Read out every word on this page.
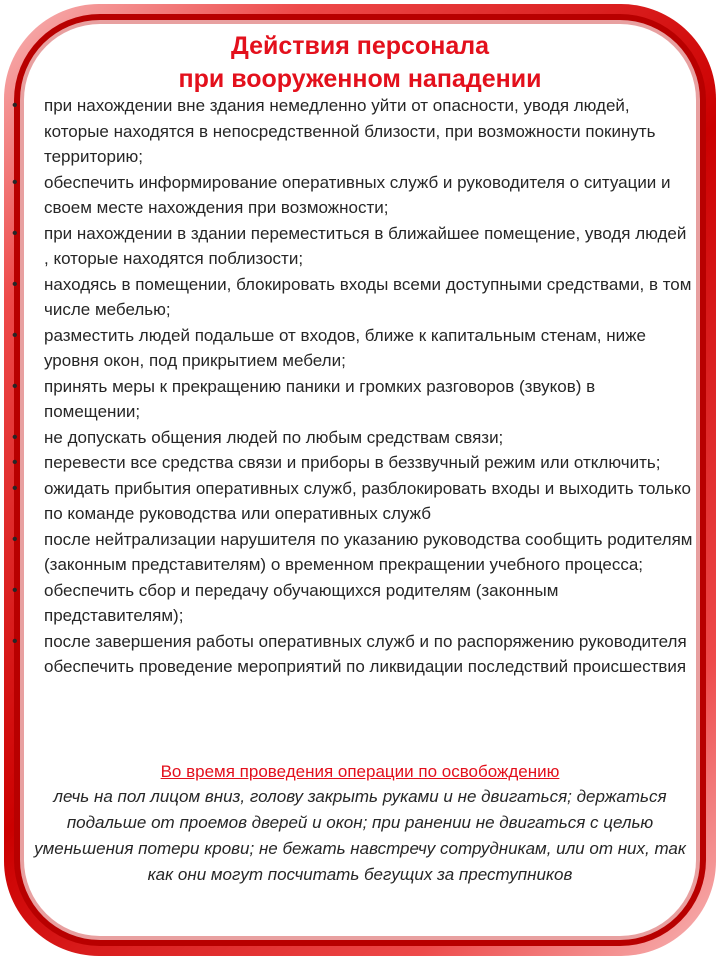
Действия персонала
при вооруженном нападении
• при нахождении вне здания немедленно уйти от опасности, уводя людей, которые находятся в непосредственной близости, при возможности покинуть территорию;
• обеспечить информирование оперативных служб и руководителя о ситуации и своем месте нахождения при возможности;
• при нахождении в здании переместиться в ближайшее помещение, уводя людей , которые находятся поблизости;
• находясь в помещении, блокировать входы всеми доступными средствами, в том числе мебелью;
• разместить людей подальше от входов, ближе к капитальным стенам, ниже уровня окон, под прикрытием мебели;
• принять меры к прекращению паники и громких разговоров (звуков) в помещении;
• не допускать общения людей по любым средствам связи;
• перевести все средства связи и приборы в беззвучный режим или отключить;
• ожидать прибытия оперативных служб, разблокировать входы и выходить только по команде руководства или оперативных служб
• после нейтрализации нарушителя по указанию руководства сообщить родителям (законным представителям) о временном прекращении учебного процесса;
• обеспечить сбор и передачу обучающихся родителям (законным представителям);
• после завершения работы оперативных служб и по распоряжению руководителя обеспечить проведение мероприятий по ликвидации последствий происшествия
Во время проведения операции по освобождению
лечь на пол лицом вниз, голову закрыть руками и не двигаться; держаться подальше от проемов дверей и окон; при ранении не двигаться с целью уменьшения потери крови; не бежать навстречу сотрудникам, или от них, так как они могут посчитать бегущих за преступников
